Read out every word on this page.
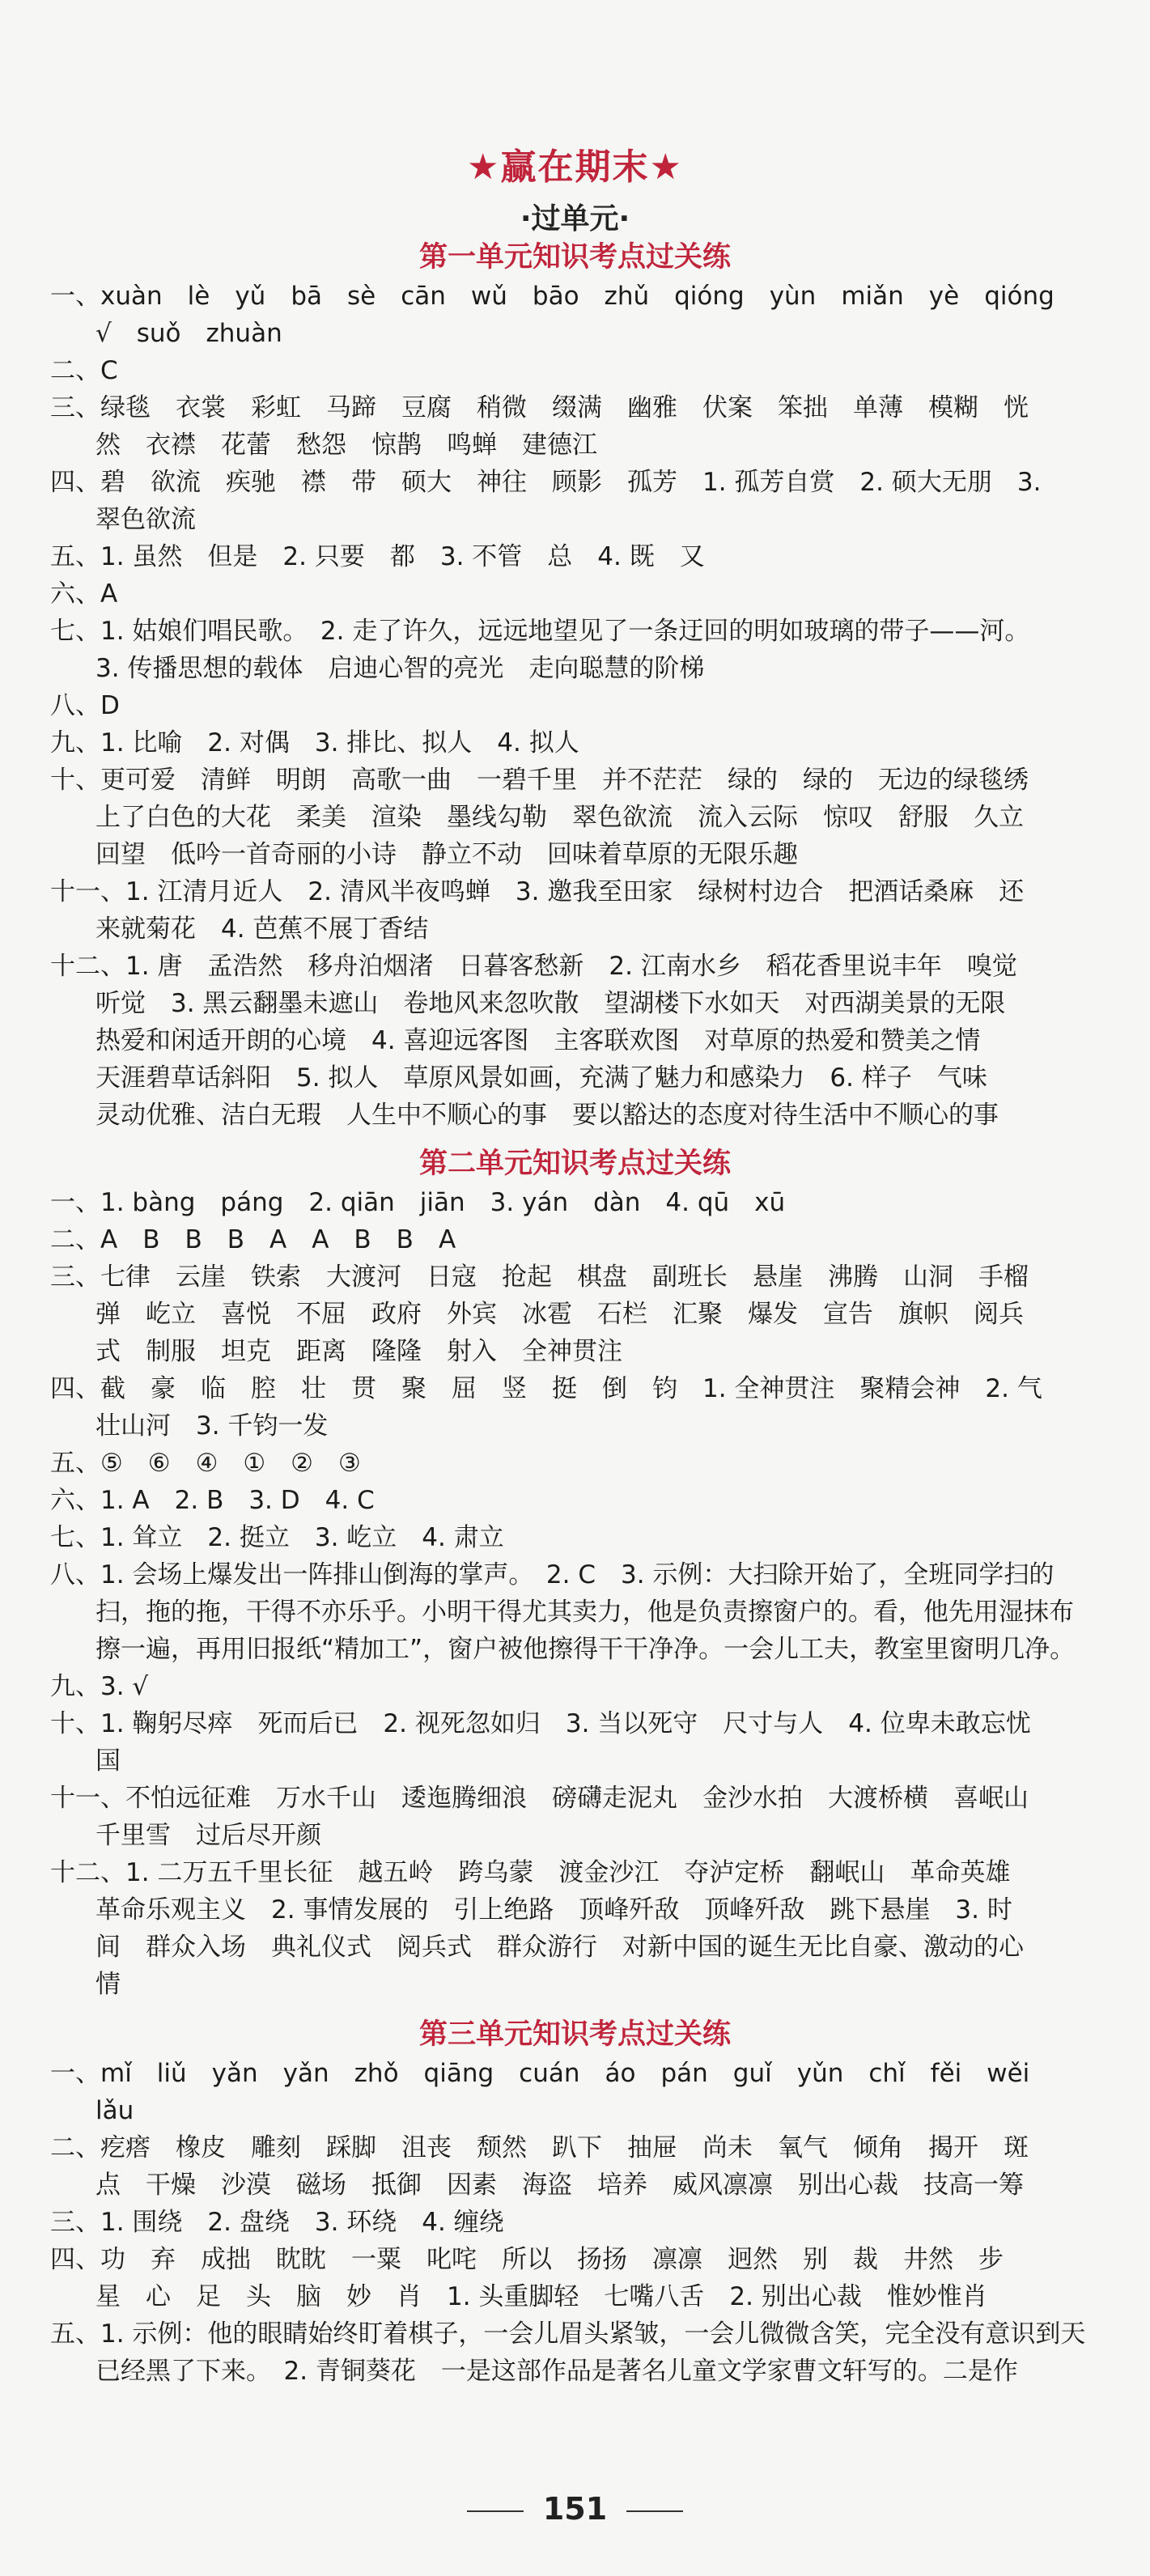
★赢在期末★
·过单元·
第一单元知识考点过关练
一、xuàn　lè　yǔ　bā　sè　cān　wǔ　bāo　zhǔ　qióng　yùn　miǎn　yè　qióng
√　suǒ　zhuàn
二、C
三、绿毯　衣裳　彩虹　马蹄　豆腐　稍微　缀满　幽雅　伏案　笨拙　单薄　模糊　恍
然　衣襟　花蕾　愁怨　惊鹊　鸣蝉　建德江
四、碧　欲流　疾驰　襟　带　硕大　神往　顾影　孤芳　1. 孤芳自赏　2. 硕大无朋　3.
翠色欲流
五、1. 虽然　但是　2. 只要　都　3. 不管　总　4. 既　又
六、A
七、1. 姑娘们唱民歌。　2. 走了许久，远远地望见了一条迂回的明如玻璃的带子——河。
3. 传播思想的载体　启迪心智的亮光　走向聪慧的阶梯
八、D
九、1. 比喻　2. 对偶　3. 排比、拟人　4. 拟人
十、更可爱　清鲜　明朗　高歌一曲　一碧千里　并不茫茫　绿的　绿的　无边的绿毯绣
上了白色的大花　柔美　渲染　墨线勾勒　翠色欲流　流入云际　惊叹　舒服　久立
回望　低吟一首奇丽的小诗　静立不动　回味着草原的无限乐趣
十一、1. 江清月近人　2. 清风半夜鸣蝉　3. 邀我至田家　绿树村边合　把酒话桑麻　还
来就菊花　4. 芭蕉不展丁香结
十二、1. 唐　孟浩然　移舟泊烟渚　日暮客愁新　2. 江南水乡　稻花香里说丰年　嗅觉
听觉　3. 黑云翻墨未遮山　卷地风来忽吹散　望湖楼下水如天　对西湖美景的无限
热爱和闲适开朗的心境　4. 喜迎远客图　主客联欢图　对草原的热爱和赞美之情
天涯碧草话斜阳　5. 拟人　草原风景如画，充满了魅力和感染力　6. 样子　气味
灵动优雅、洁白无瑕　人生中不顺心的事　要以豁达的态度对待生活中不顺心的事
第二单元知识考点过关练
一、1. bàng　páng　2. qiān　jiān　3. yán　dàn　4. qū　xū
二、A　B　B　B　A　A　B　B　A
三、七律　云崖　铁索　大渡河　日寇　抢起　棋盘　副班长　悬崖　沸腾　山洞　手榴
弹　屹立　喜悦　不屈　政府　外宾　冰雹　石栏　汇聚　爆发　宣告　旗帜　阅兵
式　制服　坦克　距离　隆隆　射入　全神贯注
四、截　豪　临　腔　壮　贯　聚　屈　竖　挺　倒　钧　1. 全神贯注　聚精会神　2. 气
壮山河　3. 千钧一发
五、⑤　⑥　④　①　②　③
六、1. A　2. B　3. D　4. C
七、1. 耸立　2. 挺立　3. 屹立　4. 肃立
八、1. 会场上爆发出一阵排山倒海的掌声。　2. C　3. 示例：大扫除开始了，全班同学扫的
扫，拖的拖，干得不亦乐乎。小明干得尤其卖力，他是负责擦窗户的。看，他先用湿抹布
擦一遍，再用旧报纸“精加工”，窗户被他擦得干干净净。一会儿工夫，教室里窗明几净。
九、3. √
十、1. 鞠躬尽瘁　死而后已　2. 视死忽如归　3. 当以死守　尺寸与人　4. 位卑未敢忘忧
国
十一、不怕远征难　万水千山　逶迤腾细浪　磅礴走泥丸　金沙水拍　大渡桥横　喜岷山
千里雪　过后尽开颜
十二、1. 二万五千里长征　越五岭　跨乌蒙　渡金沙江　夺泸定桥　翻岷山　革命英雄
革命乐观主义　2. 事情发展的　引上绝路　顶峰歼敌　顶峰歼敌　跳下悬崖　3. 时
间　群众入场　典礼仪式　阅兵式　群众游行　对新中国的诞生无比自豪、激动的心
情
第三单元知识考点过关练
一、mǐ　liǔ　yǎn　yǎn　zhǒ　qiāng　cuán　áo　pán　guǐ　yǔn　chǐ　fěi　wěi
lǎu
二、疙瘩　橡皮　雕刻　踩脚　沮丧　颓然　趴下　抽屉　尚未　氧气　倾角　揭开　斑
点　干燥　沙漠　磁场　抵御　因素　海盗　培养　威风凛凛　别出心裁　技高一筹
三、1. 围绕　2. 盘绕　3. 环绕　4. 缠绕
四、功　弃　成拙　眈眈　一粟　叱咤　所以　扬扬　凛凛　迥然　别　裁　井然　步
星　心　足　头　脑　妙　肖　1. 头重脚轻　七嘴八舌　2. 别出心裁　惟妙惟肖
五、1. 示例：他的眼睛始终盯着棋子，一会儿眉头紧皱，一会儿微微含笑，完全没有意识到天
已经黑了下来。　2. 青铜葵花　一是这部作品是著名儿童文学家曹文轩写的。二是作
151
